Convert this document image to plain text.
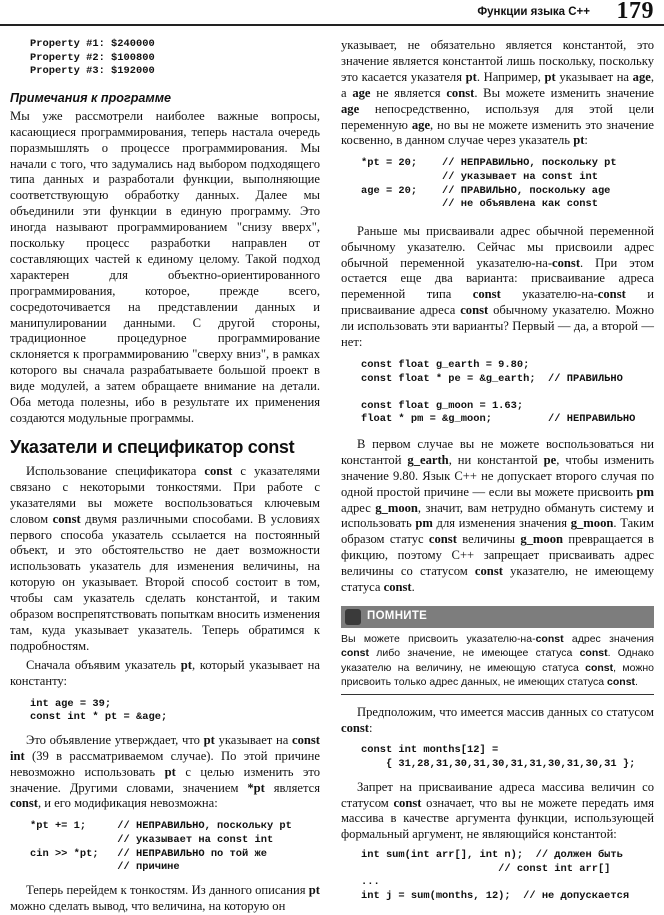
Функции языка C++ 179
Property #1: $240000
Property #2: $100800
Property #3: $192000
Примечания к программе

Мы уже рассмотрели наиболее важные вопросы, касающиеся программирования, теперь настала очередь поразмышлять о процессе программирования. Мы начали с того, что задумались над выбором подходящего типа данных и разработали функции, выполняющие соответствующую обработку данных. Далее мы объединили эти функции в единую программу. Это иногда называют программированием "снизу вверх", поскольку процесс разработки направлен от составляющих частей к единому целому. Такой подход характерен для объектно-ориентированного программирования, которое, прежде всего, сосредоточивается на представлении данных и манипулировании данными. С другой стороны, традиционное процедурное программирование склоняется к программированию "сверху вниз", в рамках которого вы сначала разрабатываете большой проект в виде модулей, а затем обращаете внимание на детали. Оба метода полезны, ибо в результате их применения создаются модульные программы.

Указатели и спецификатор const

Использование спецификатора const с указателями связано с некоторыми тонкостями. При работе с указателями вы можете воспользоваться ключевым словом const двумя различными способами. В условиях первого способа указатель ссылается на постоянный объект, и это обстоятельство не дает возможности использовать указатель для изменения величины, на которую он указывает. Второй способ состоит в том, чтобы сам указатель сделать константой, и таким образом воспрепятствовать попыткам вносить изменения там, куда указывает указатель. Теперь обратимся к подробностям.

Сначала объявим указатель pt, который указывает на константу:

int age = 39;
const int * pt = &age;

Это объявление утверждает, что pt указывает на const int (39 в рассматриваемом случае). По этой причине невозможно использовать pt с целью изменить это значение. Другими словами, значением *pt является const, и его модификация невозможна:

*pt += 1;     // НЕПРАВИЛЬНО, поскольку pt
// указывает на const int
cin >> *pt;   // НЕПРАВИЛЬНО по той же
// причине

Теперь перейдем к тонкостям. Из данного описания pt можно сделать вывод, что величина, на которую он

указывает, не обязательно является константой, это значение является константой лишь поскольку, поскольку это касается указателя pt. Например, pt указывает на age, а age не является const. Вы можете изменить значение age непосредственно, используя для этой цели переменную age, но вы не можете изменить это значение косвенно, в данном случае через указатель pt:

*pt = 20;    // НЕПРАВИЛЬНО, поскольку pt
// указывает на const int
age = 20;    // ПРАВИЛЬНО, поскольку age
// не объявлена как const

Раньше мы присваивали адрес обычной переменной обычному указателю. Сейчас мы присвоили адрес обычной переменной указателю-на-const. При этом остается еще два варианта: присваивание адреса переменной типа const указателю-на-const и присваивание адреса const обычному указателю. Можно ли использовать эти варианты? Первый — да, а второй — нет:

const float g_earth = 9.80;
const float * pe = &g_earth;  // ПРАВИЛЬНО

const float g_moon = 1.63;
float * pm = &g_moon;         // НЕПРАВИЛЬНО

В первом случае вы не можете воспользоваться ни константой g_earth, ни константой pe, чтобы изменить значение 9.80. Язык C++ не допускает второго случая по одной простой причине — если вы можете присвоить pm адрес g_moon, значит, вам нетрудно обмануть систему и использовать pm для изменения значения g_moon. Таким образом статус const величины g_moon превращается в фикцию, поэтому C++ запрещает присваивать адрес величины со статусом const указателю, не имеющему статуса const.

ПОМНИТЕ

Вы можете присвоить указателю-на-const адрес значения const либо значение, не имеющее статуса const. Однако указателю на величину, не имеющую статуса const, можно присвоить только адрес данных, не имеющих статуса const.

Предположим, что имеется массив данных со статусом const:

const int months[12] =
{ 31,28,31,30,31,30,31,31,30,31,30,31 };

Запрет на присваивание адреса массива величин со статусом const означает, что вы не можете передать имя массива в качестве аргумента функции, использующей формальный аргумент, не являющийся константой:

int sum(int arr[], int n);  // должен быть
// const int arr[]
...
int j = sum(months, 12);  // не допускается
